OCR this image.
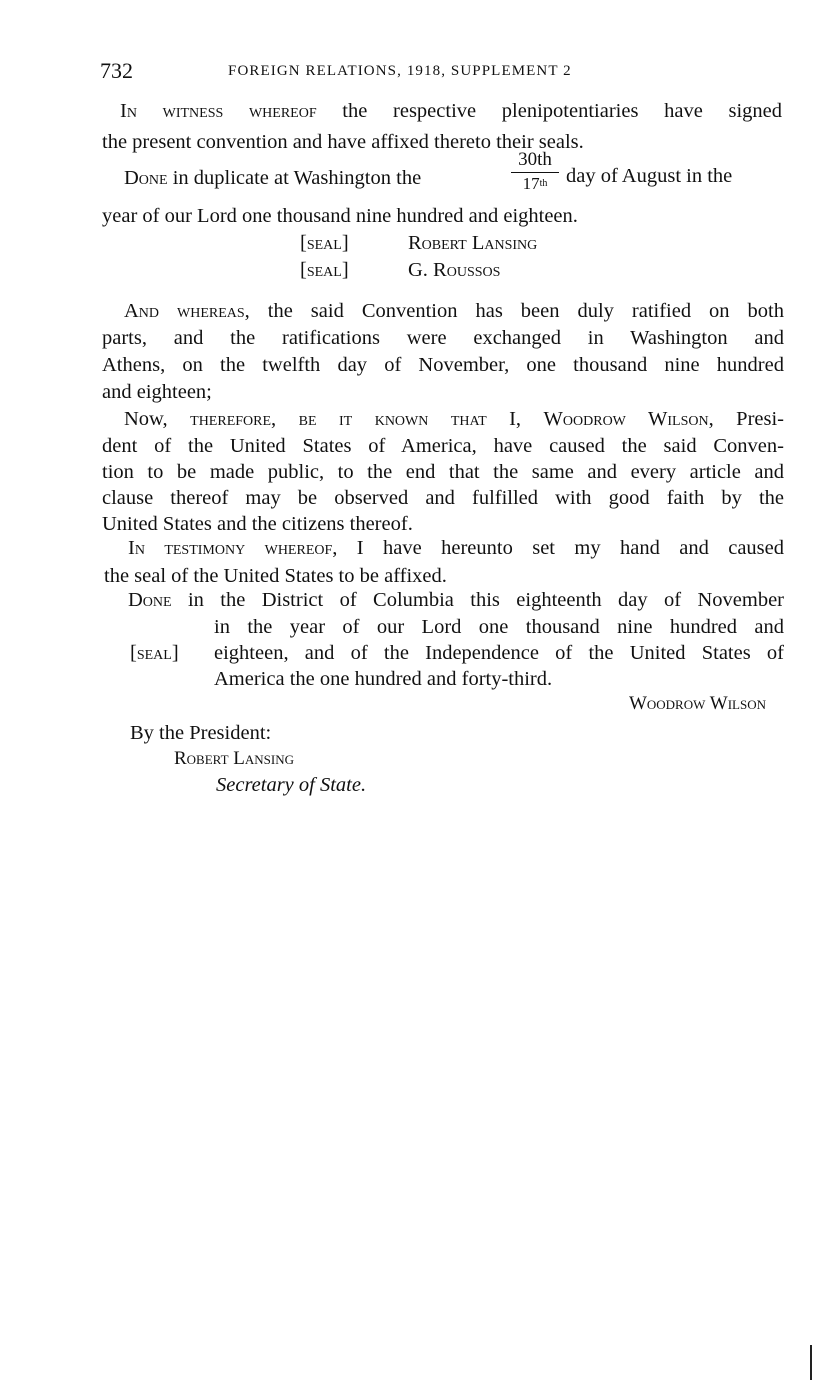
732	FOREIGN RELATIONS, 1918, SUPPLEMENT 2
In witness whereof the respective plenipotentiaries have signed
the present convention and have affixed thereto their seals.
Done in duplicate at Washington the
30th
17th day of August in the
year of our Lord one thousand nine hundred and eighteen.
[seal]	Robert Lansing
[seal]	G. Roussos
And whereas, the said Convention has been duly ratified on both
parts, and the ratifications were exchanged in Washington and
Athens, on the twelfth day of November, one thousand nine hundred
and eighteen;
Now, therefore, be it known that I, Woodrow Wilson, Presi-
dent of the United States of America, have caused the said Conven-
tion to be made public, to the end that the same and every article and
clause thereof may be observed and fulfilled with good faith by the
United States and the citizens thereof.
In testimony whereof, I have hereunto set my hand and caused
the seal of the United States to be affixed.
Done in the District of Columbia this eighteenth day of November
in the year of our Lord one thousand nine hundred and
[seal] eighteen, and of the Independence of the United States of
America the one hundred and forty-third.
Woodrow Wilson
By the President:
Robert Lansing
Secretary of State.
